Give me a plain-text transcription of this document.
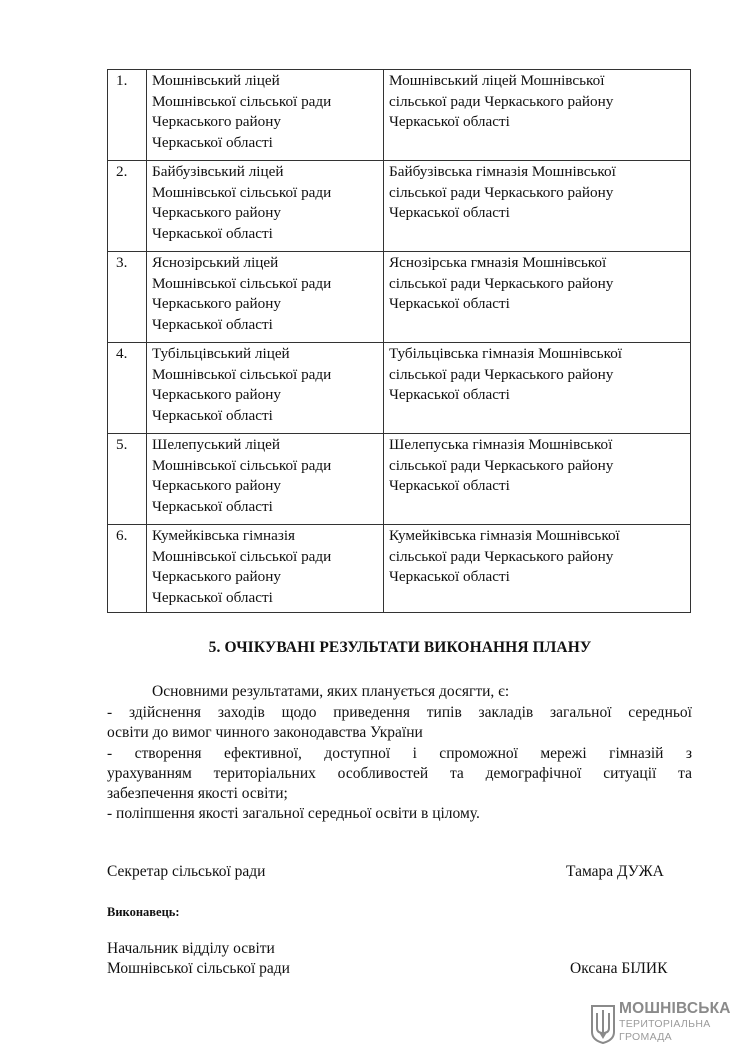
1.	Мошнівський ліцей
Мошнівської сільської ради
Черкаського району
Черкаської області	Мошнівський ліцей Мошнівської
сільської ради Черкаського району
Черкаської області

2.	Байбузівський ліцей
Мошнівської сільської ради
Черкаського району
Черкаської області	Байбузівська гімназія Мошнівської
сільської ради Черкаського району
Черкаської області

3.	Яснозірський ліцей
Мошнівської сільської ради
Черкаського району
Черкаської області	Яснозірська гмназія Мошнівської
сільської ради Черкаського району
Черкаської області

4.	Тубільцівський ліцей
Мошнівської сільської ради
Черкаського району
Черкаської області	Тубільцівська гімназія Мошнівської
сільської ради Черкаського району
Черкаської області

5.	Шелепуський ліцей
Мошнівської сільської ради
Черкаського району
Черкаської області	Шелепуська гімназія Мошнівської
сільської ради Черкаського району
Черкаської області

6.	Кумейківська гімназія
Мошнівської сільської ради
Черкаського району
Черкаської області	Кумейківська гімназія Мошнівської
сільської ради Черкаського району
Черкаської області
5. ОЧІКУВАНІ РЕЗУЛЬТАТИ ВИКОНАННЯ ПЛАНУ
Основними результатами, яких планується досягти, є:
- здійснення заходів щодо приведення типів закладів загальної середньої
освіти до вимог чинного законодавства України
- створення ефективної, доступної і спроможної мережі гімназій з
урахуванням територіальних особливостей та демографічної ситуації та
забезпечення якості освіти;
- поліпшення якості загальної середньої освіти в цілому.
Секретар сільської ради	Тамара ДУЖА
Виконавець:
Начальник відділу освіти
Мошнівської сільської ради	Оксана БІЛИК
МОШНІВСЬКА
ТЕРИТОРІАЛЬНА
ГРОМАДА
